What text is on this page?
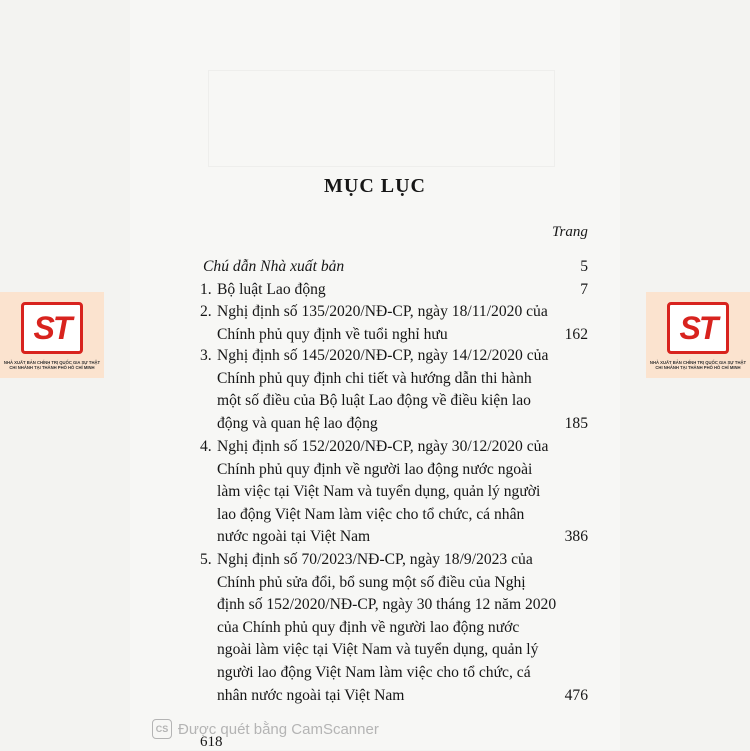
MỤC LỤC
Trang
Chú dẫn Nhà xuất bản	5
1. Bộ luật Lao động	7
2. Nghị định số 135/2020/NĐ-CP, ngày 18/11/2020 của
Chính phủ quy định về tuổi nghỉ hưu	162
3. Nghị định số 145/2020/NĐ-CP, ngày 14/12/2020 của
Chính phủ quy định chi tiết và hướng dẫn thi hành
một số điều của Bộ luật Lao động về điều kiện lao
động và quan hệ lao động	185
4. Nghị định số 152/2020/NĐ-CP, ngày 30/12/2020 của
Chính phủ quy định về người lao động nước ngoài
làm việc tại Việt Nam và tuyển dụng, quản lý người
lao động Việt Nam làm việc cho tổ chức, cá nhân
nước ngoài tại Việt Nam	386
5. Nghị định số 70/2023/NĐ-CP, ngày 18/9/2023 của
Chính phủ sửa đổi, bổ sung một số điều của Nghị
định số 152/2020/NĐ-CP, ngày 30 tháng 12 năm 2020
của Chính phủ quy định về người lao động nước
ngoài làm việc tại Việt Nam và tuyển dụng, quản lý
người lao động Việt Nam làm việc cho tổ chức, cá
nhân nước ngoài tại Việt Nam	476
ST
NHÀ XUẤT BẢN CHÍNH TRỊ QUỐC GIA SỰ THẬT
CHI NHÁNH TẠI THÀNH PHỐ HỒ CHÍ MINH
ST
NHÀ XUẤT BẢN CHÍNH TRỊ QUỐC GIA SỰ THẬT
CHI NHÁNH TẠI THÀNH PHỐ HỒ CHÍ MINH
CS Được quét bằng CamScanner
618
